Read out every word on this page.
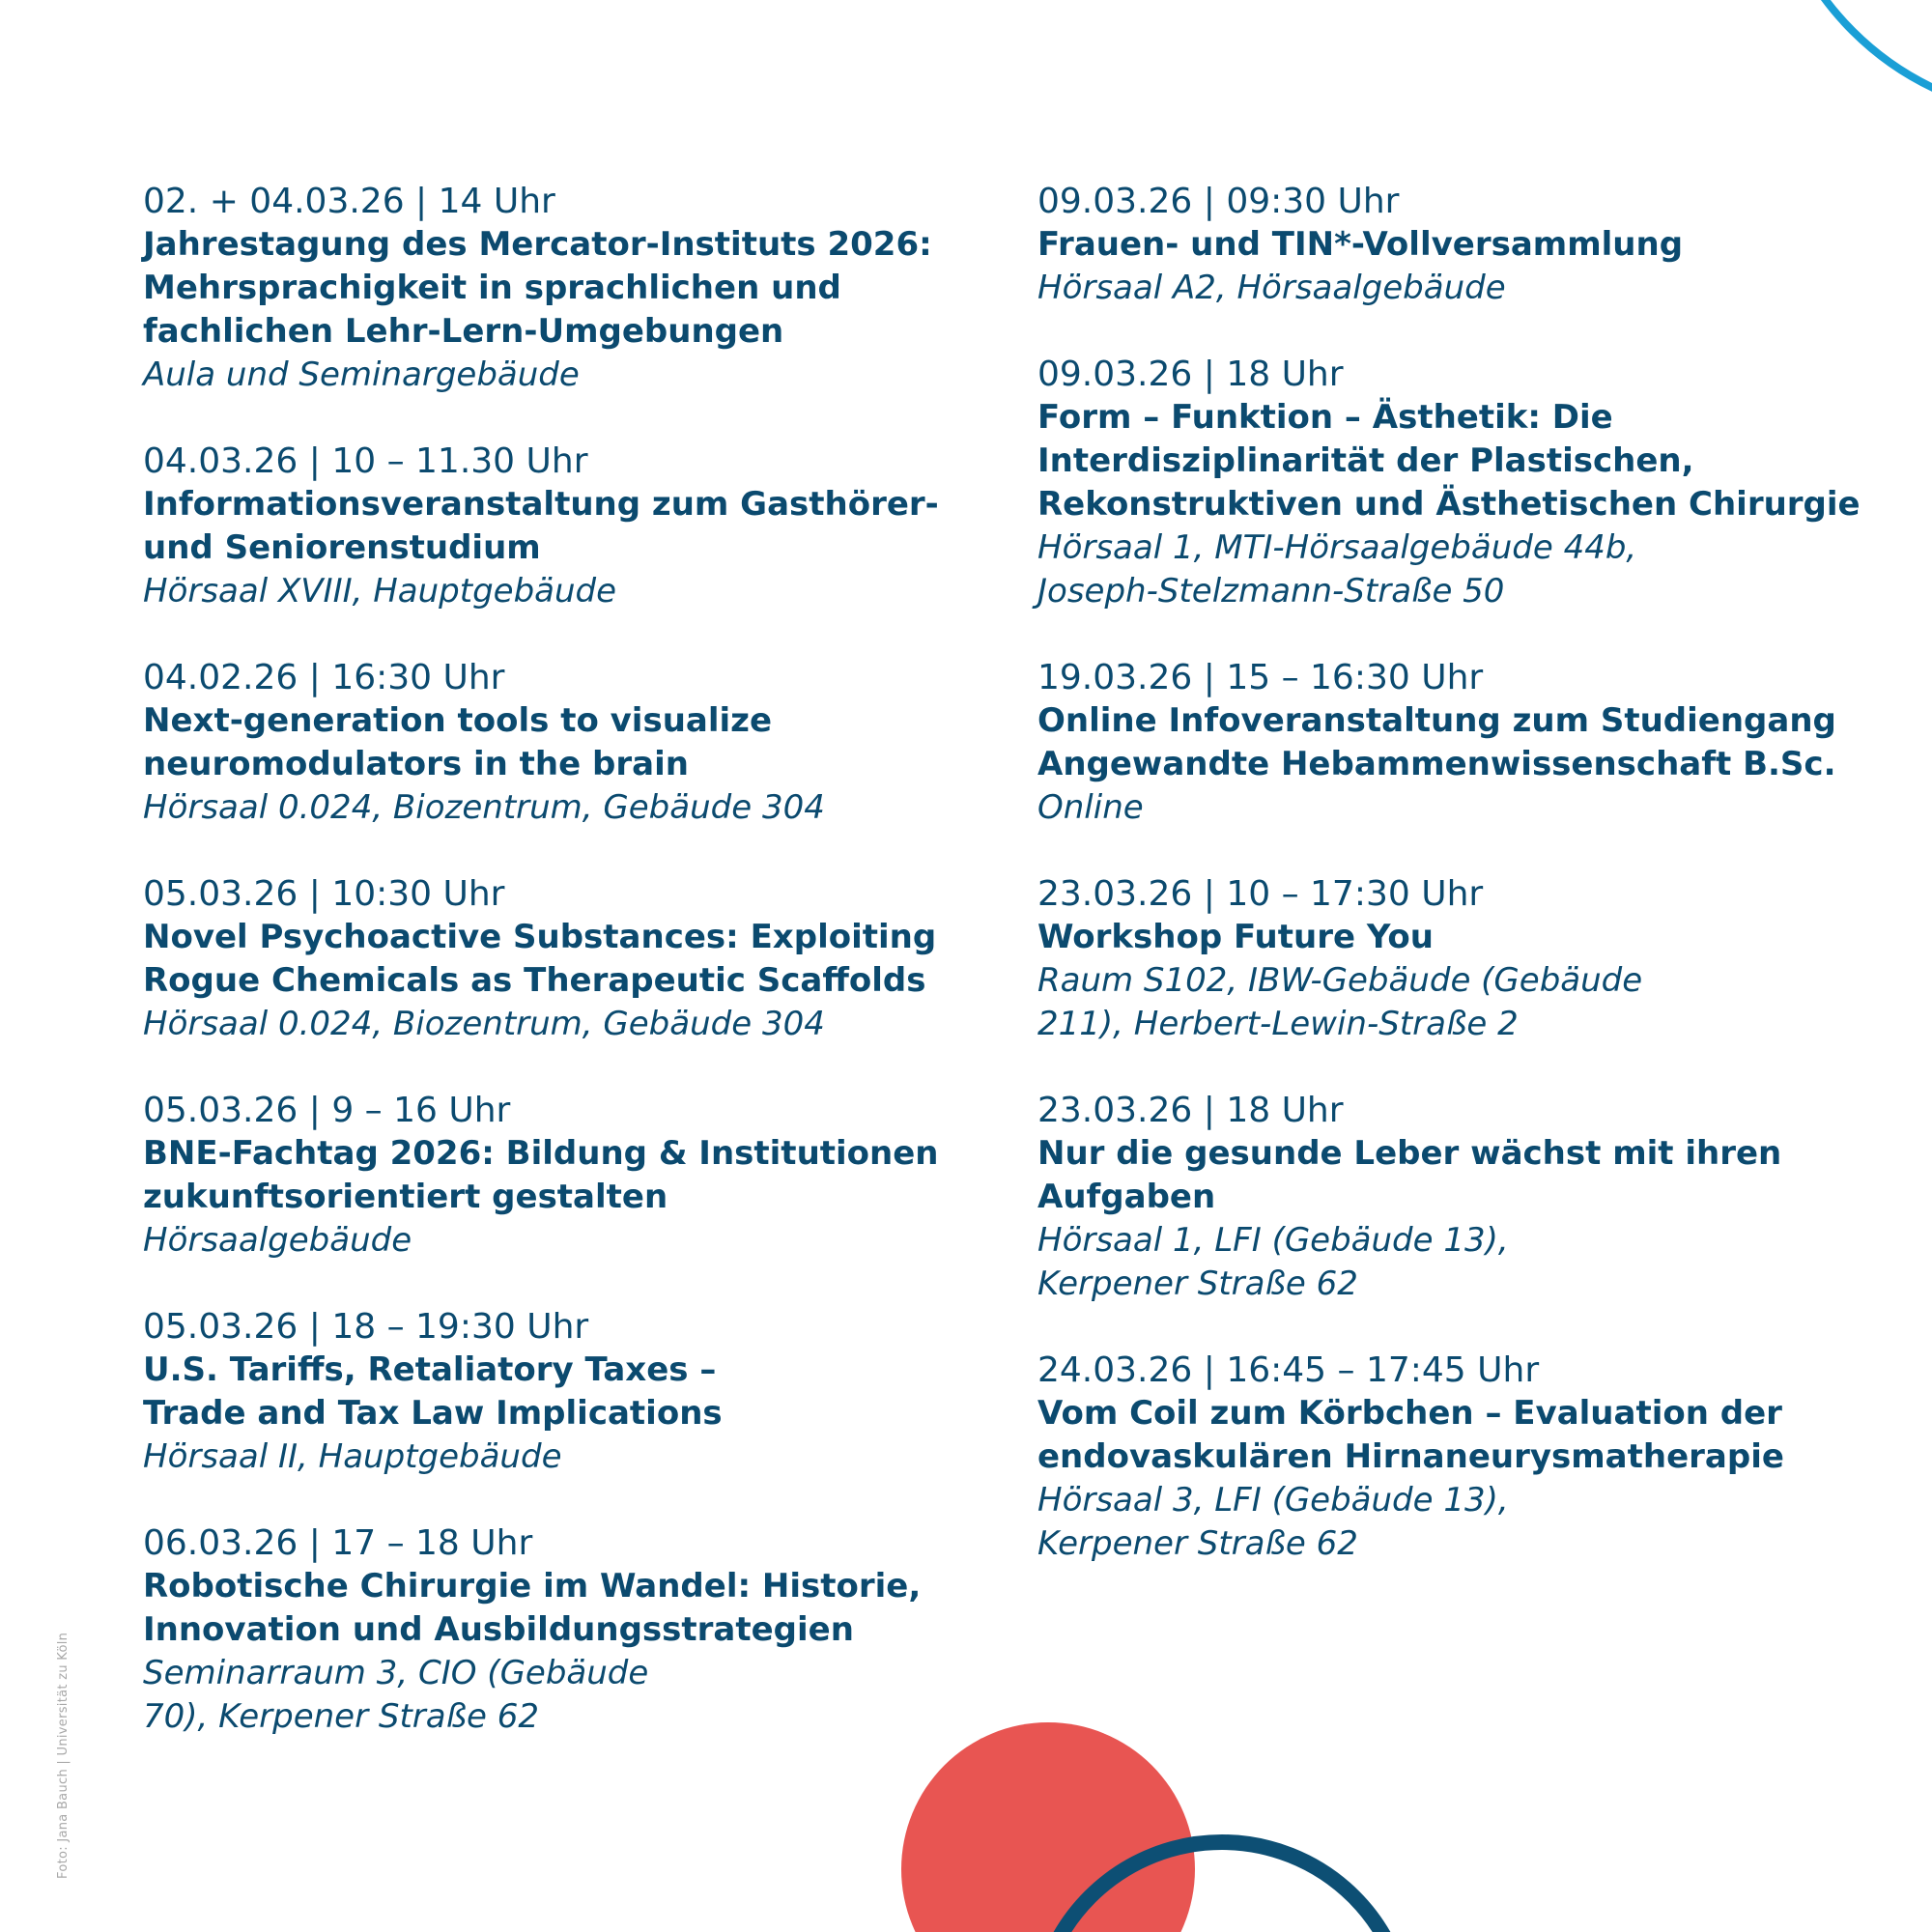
02. + 04.03.26 | 14 Uhr
Jahrestagung des Mercator-Instituts 2026:
Mehrsprachigkeit in sprachlichen und
fachlichen Lehr-Lern-Umgebungen
Aula und Seminargebäude
04.03.26 | 10 – 11.30 Uhr
Informationsveranstaltung zum Gasthörer-
und Seniorenstudium
Hörsaal XVIII, Hauptgebäude
04.02.26 | 16:30 Uhr
Next-generation tools to visualize
neuromodulators in the brain
Hörsaal 0.024, Biozentrum, Gebäude 304
05.03.26 | 10:30 Uhr
Novel Psychoactive Substances: Exploiting
Rogue Chemicals as Therapeutic Scaffolds
Hörsaal 0.024, Biozentrum, Gebäude 304
05.03.26 | 9 – 16 Uhr
BNE-Fachtag 2026: Bildung & Institutionen
zukunftsorientiert gestalten
Hörsaalgebäude
05.03.26 | 18 – 19:30 Uhr
U.S. Tariffs, Retaliatory Taxes –
Trade and Tax Law Implications
Hörsaal II, Hauptgebäude
06.03.26 | 17 – 18 Uhr
Robotische Chirurgie im Wandel: Historie,
Innovation und Ausbildungsstrategien
Seminarraum 3, CIO (Gebäude
70), Kerpener Straße 62
09.03.26 | 09:30 Uhr
Frauen- und TIN*-Vollversammlung
Hörsaal A2, Hörsaalgebäude
09.03.26 | 18 Uhr
Form – Funktion – Ästhetik: Die
Interdisziplinarität der Plastischen,
Rekonstruktiven und Ästhetischen Chirurgie
Hörsaal 1, MTI-Hörsaalgebäude 44b,
Joseph-Stelzmann-Straße 50
19.03.26 | 15 – 16:30 Uhr
Online Infoveranstaltung zum Studiengang
Angewandte Hebammenwissenschaft B.Sc.
Online
23.03.26 | 10 – 17:30 Uhr
Workshop Future You
Raum S102, IBW-Gebäude (Gebäude
211), Herbert-Lewin-Straße 2
23.03.26 | 18 Uhr
Nur die gesunde Leber wächst mit ihren
Aufgaben
Hörsaal 1, LFI (Gebäude 13),
Kerpener Straße 62
24.03.26 | 16:45 – 17:45 Uhr
Vom Coil zum Körbchen – Evaluation der
endovaskulären Hirnaneurysmatherapie
Hörsaal 3, LFI (Gebäude 13),
Kerpener Straße 62
Foto: Jana Bauch | Universität zu Köln
